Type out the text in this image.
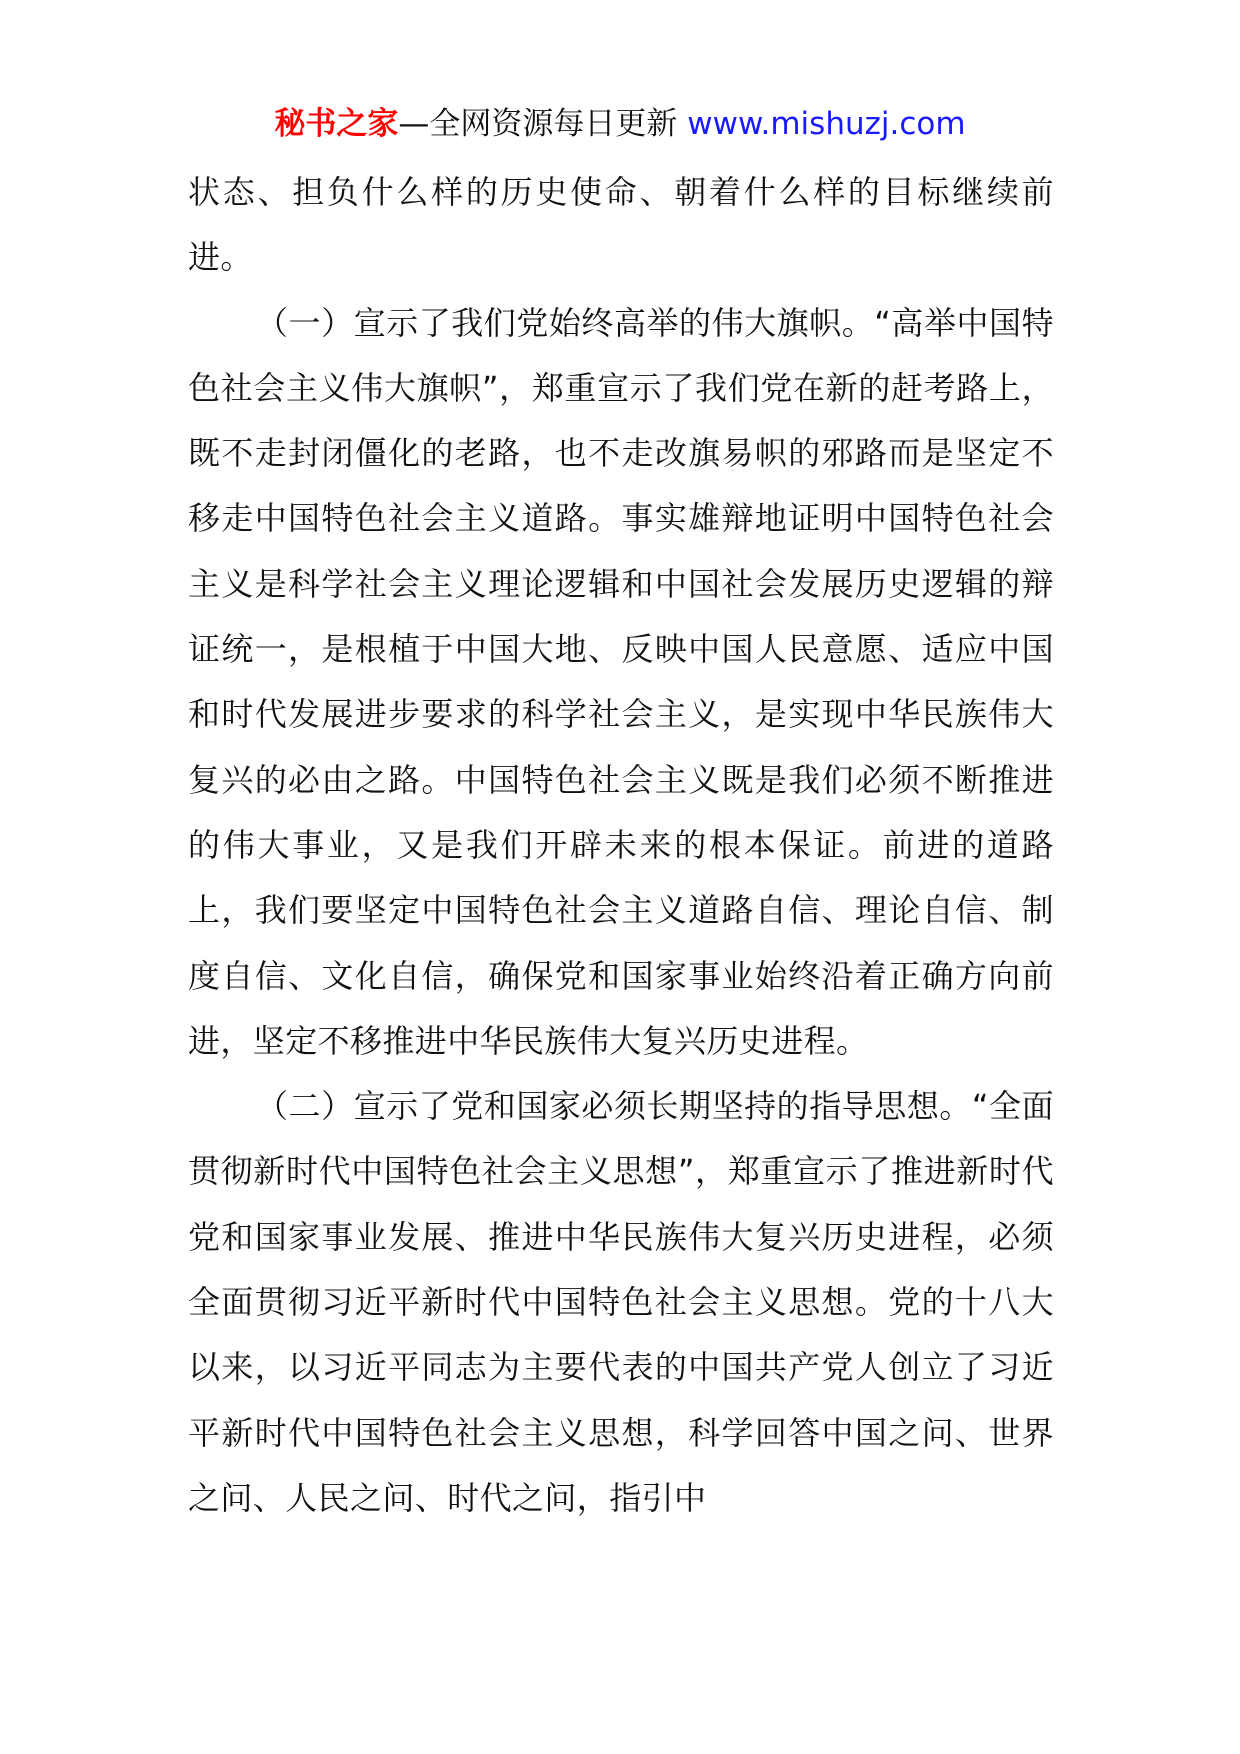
秘书之家—全网资源每日更新 www.mishuzj.com

状态、担负什么样的历史使命、朝着什么样的目标继续前进。

（一）宣示了我们党始终高举的伟大旗帜。“高举中国特色社会主义伟大旗帜”，郑重宣示了我们党在新的赶考路上，既不走封闭僵化的老路，也不走改旗易帜的邪路而是坚定不移走中国特色社会主义道路。事实雄辩地证明中国特色社会主义是科学社会主义理论逻辑和中国社会发展历史逻辑的辩证统一，是根植于中国大地、反映中国人民意愿、适应中国和时代发展进步要求的科学社会主义，是实现中华民族伟大复兴的必由之路。中国特色社会主义既是我们必须不断推进的伟大事业，又是我们开辟未来的根本保证。前进的道路上，我们要坚定中国特色社会主义道路自信、理论自信、制度自信、文化自信，确保党和国家事业始终沿着正确方向前进，坚定不移推进中华民族伟大复兴历史进程。

（二）宣示了党和国家必须长期坚持的指导思想。“全面贯彻新时代中国特色社会主义思想”，郑重宣示了推进新时代党和国家事业发展、推进中华民族伟大复兴历史进程，必须全面贯彻习近平新时代中国特色社会主义思想。党的十八大以来，以习近平同志为主要代表的中国共产党人创立了习近平新时代中国特色社会主义思想，科学回答中国之问、世界之问、人民之问、时代之问，指引中
